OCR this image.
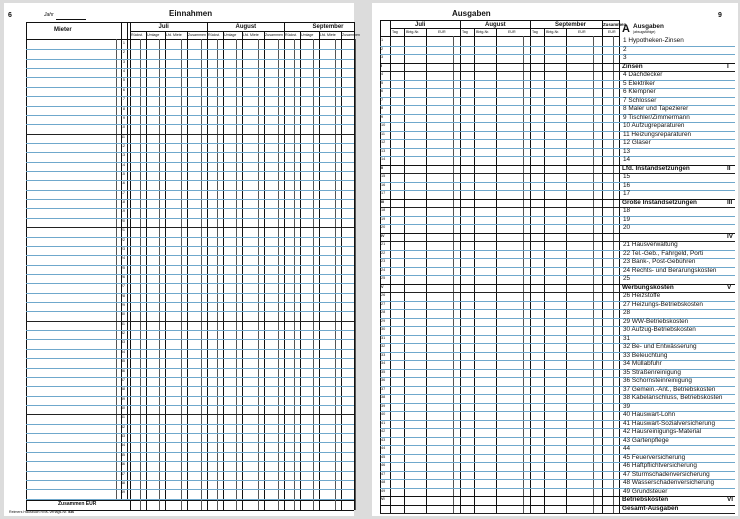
6	Jahr	Einnahmen
Mieter	Juli
Rückst. Umlage Lfd. Miete Zusammen
August
Rückst. Umlage Lfd. Miete Zusammen
September
Rückst. Umlage Lfd. Miete Zusammen
1
2
3
4
5
6
7
8
9
10
11
12
13
14
15
16
17
18
19
20
21
22
23
24
25
26
27
28
29
30
31
32
33
34
35
36
37
38
39
40
41
42
43
44
45
46
47
48
49
Zusammen EUR
Reimers Hausbuch RNK-Verlags-Nr. 536
Ausgaben	9
Juli
Tag Bbtg-Nr.	EUR
August
Tag Bbtg-Nr.	EUR
September
Tag Bbtg-Nr.	EUR
Zusammen
EUR A Ausgaben
(absugsfähige)
1	1 Hypotheken-Zinsen
2	2
3	3
I	Zinsen	I
4	4 Dachdecker
5	5 Elektriker
6	6 Klempner
7	7 Schlosser
8	8 Maler und Tapezierer
9	9 Tischler/Zimmermann
10	10 Aufzugreparaturen
11	11 Heizungsreparaturen
12	12 Glaser
13	13
14	14
II	Lfd. Instandsetzungen	II
15	15
16	16
17	17
III	Große Instandsetzungen	III
18	18
19	19
20	20
IV	IV
21	21 Hausverwaltung
22	22 Tel.-Geb., Fahrgeld, Porti
23	23 Bank-, Post-Gebühren
24	24 Rechts- und Berarungskosten
25	25
V	Werbungskosten	V
26	26 Heizstoffe
27	27 Heizungs-Betriebskosten
28	28
29	29 WW-Betriebskosten
30	30 Aufzug-Betriebskosten
31	31
32	32 Be- und Entwässerung
33	33 Beleuchtung
34	34 Müllabfuhr
35	35 Straßenreinigung
36	36 Schornsteinreinigung
37	37 Gemein.-Ant., Betriebskosten
38	38 Kabelanschluss, Betriebskosten
39	39
40	40 Hauswart-Lohn
41	41 Hauswart-Sozialversicherung
42	42 Hausreinigungs-Material
43	43 Gartenpflege
44	44
45	45 Feuerversicherung
46	46 Haftpflichtversicherung
47	47 Sturmschadenversicherung
48	48 Wasserschadenversicherung
49	49 Grundsteuer
VI	Betriebskosten	VI
Gesamt-Ausgaben
